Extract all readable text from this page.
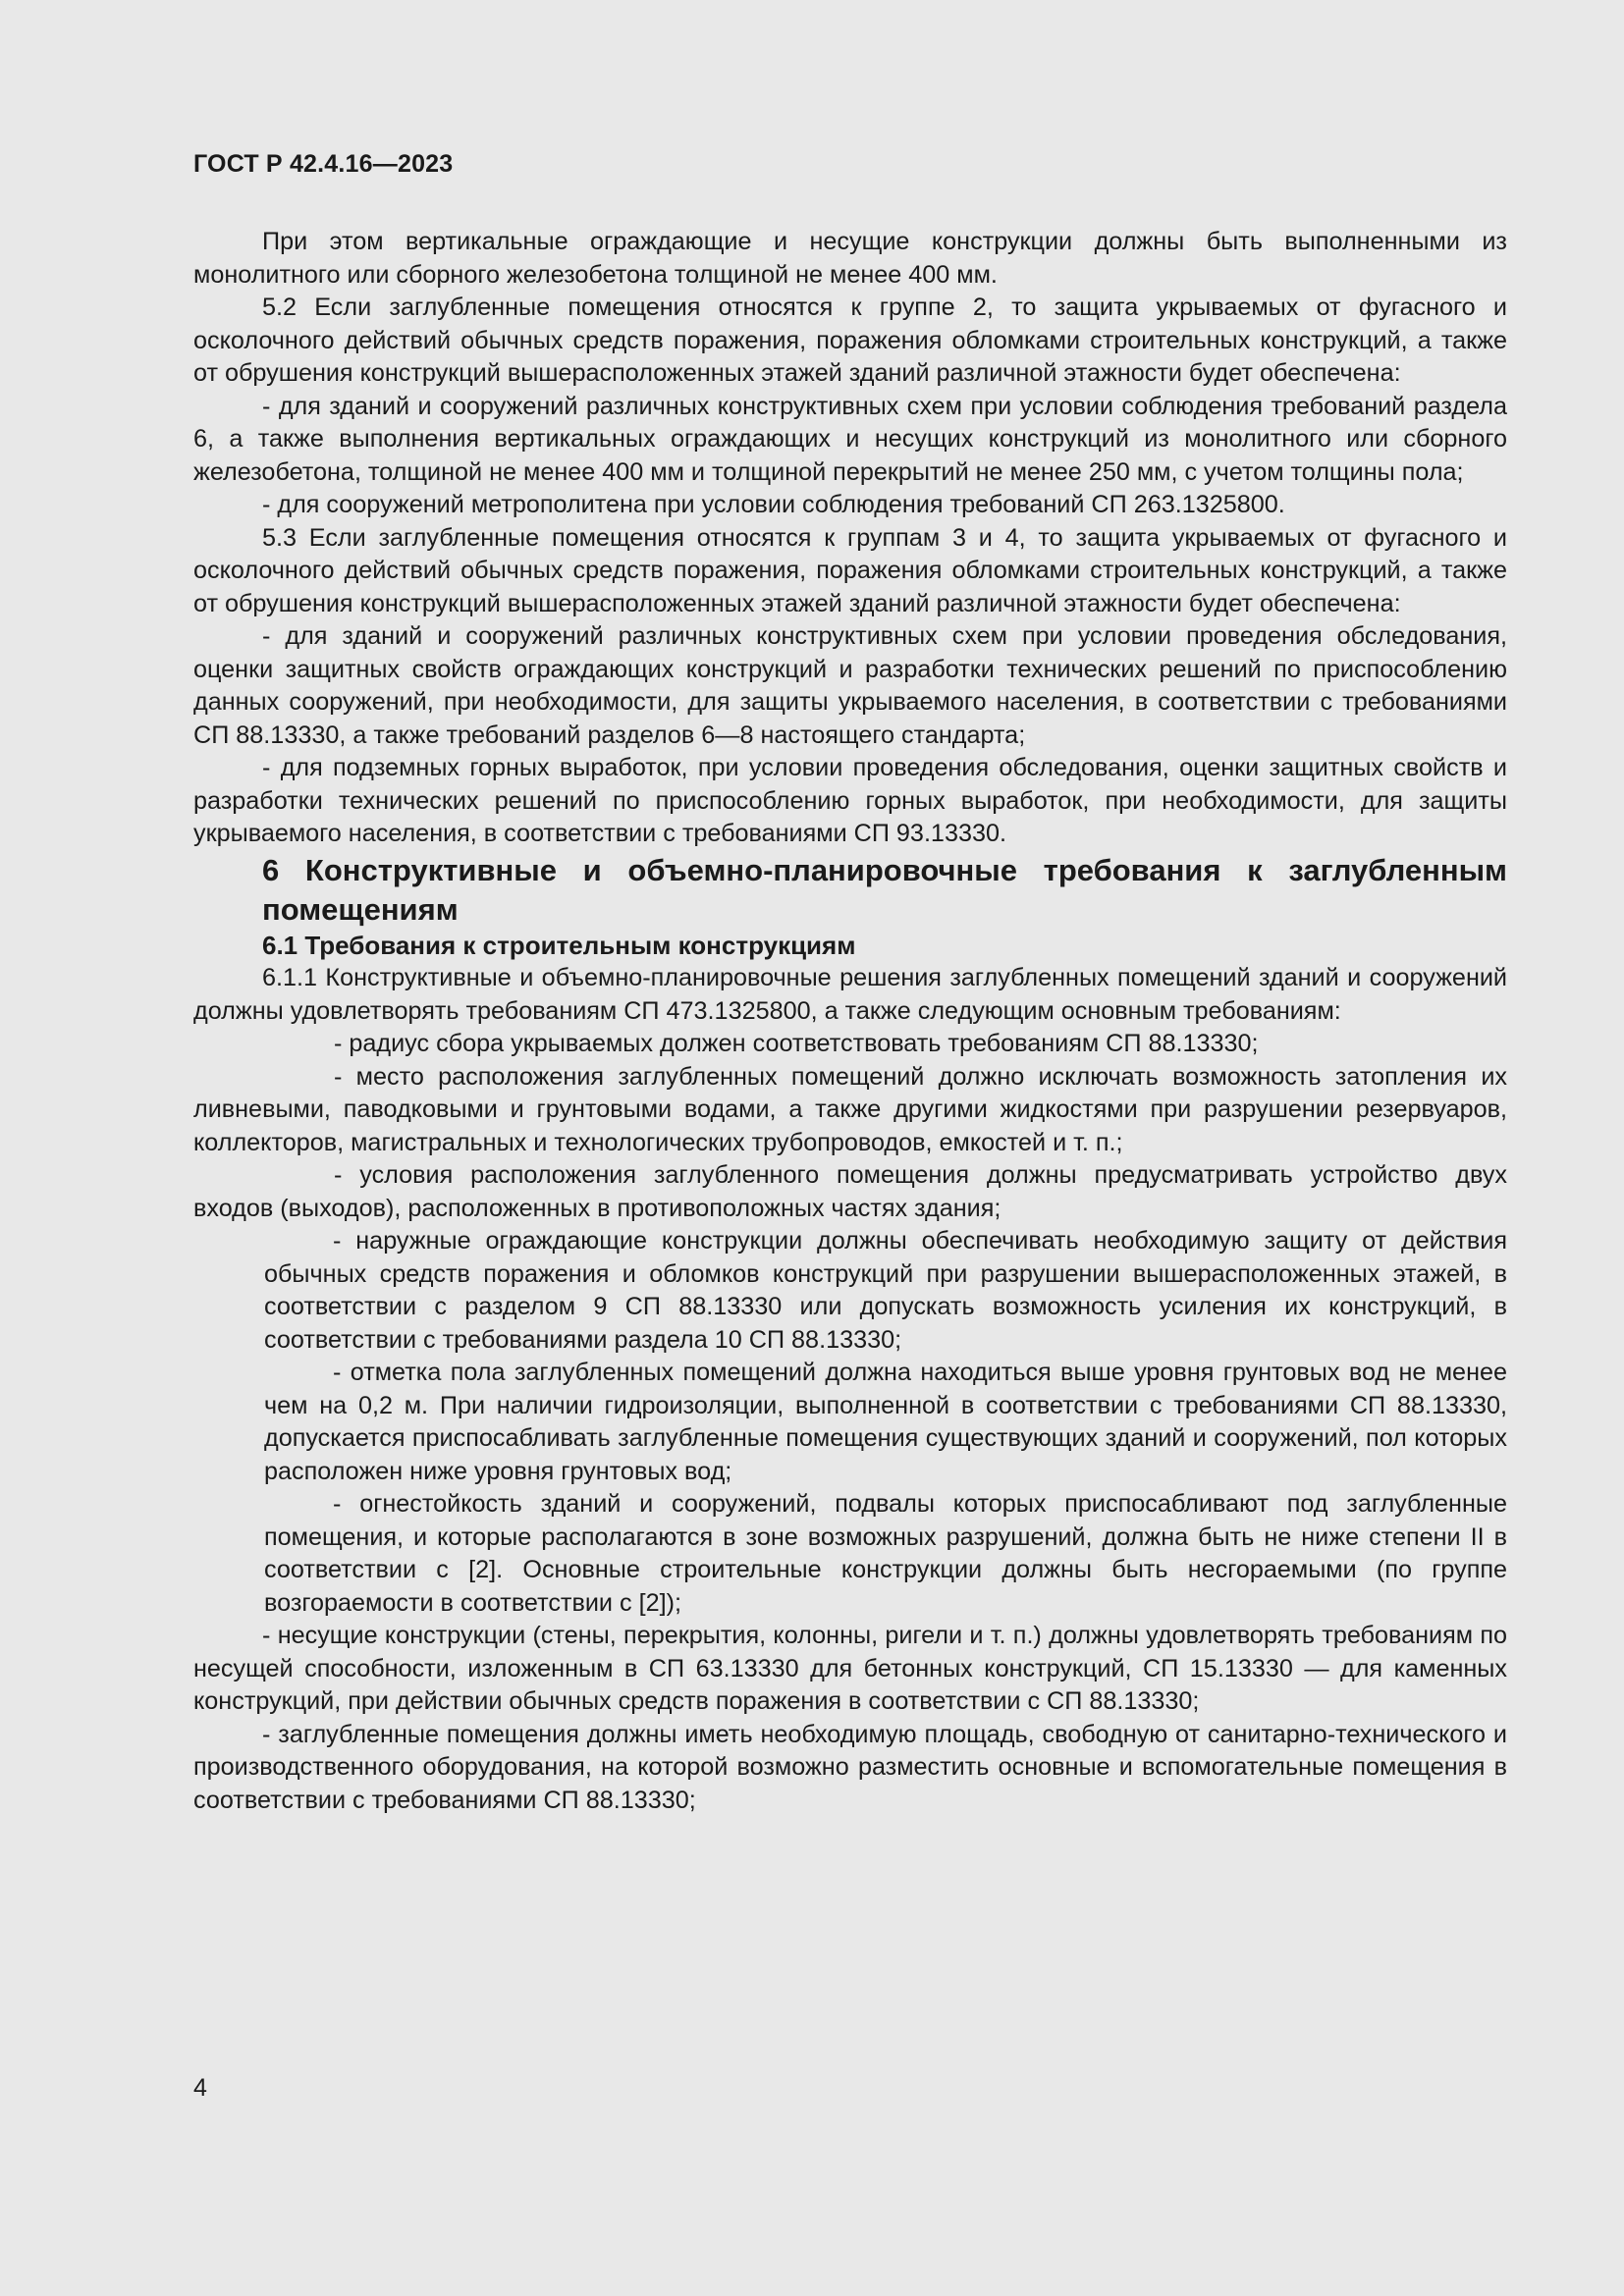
ГОСТ Р 42.4.16—2023

При этом вертикальные ограждающие и несущие конструкции должны быть выполненными из монолитного или сборного железобетона толщиной не менее 400 мм.

5.2 Если заглубленные помещения относятся к группе 2, то защита укрываемых от фугасного и осколочного действий обычных средств поражения, поражения обломками строительных конструкций, а также от обрушения конструкций вышерасположенных этажей зданий различной этажности будет обеспечена:

- для зданий и сооружений различных конструктивных схем при условии соблюдения требований раздела 6, а также выполнения вертикальных ограждающих и несущих конструкций из монолитного или сборного железобетона, толщиной не менее 400 мм и толщиной перекрытий не менее 250 мм, с учетом толщины пола;

- для сооружений метрополитена при условии соблюдения требований СП 263.1325800.

5.3 Если заглубленные помещения относятся к группам 3 и 4, то защита укрываемых от фугасного и осколочного действий обычных средств поражения, поражения обломками строительных конструкций, а также от обрушения конструкций вышерасположенных этажей зданий различной этажности будет обеспечена:

- для зданий и сооружений различных конструктивных схем при условии проведения обследования, оценки защитных свойств ограждающих конструкций и разработки технических решений по приспособлению данных сооружений, при необходимости, для защиты укрываемого населения, в соответствии с требованиями СП 88.13330, а также требований разделов 6—8 настоящего стандарта;

- для подземных горных выработок, при условии проведения обследования, оценки защитных свойств и разработки технических решений по приспособлению горных выработок, при необходимости, для защиты укрываемого населения, в соответствии с требованиями СП 93.13330.

6 Конструктивные и объемно-планировочные требования к заглубленным помещениям

6.1 Требования к строительным конструкциям

6.1.1 Конструктивные и объемно-планировочные решения заглубленных помещений зданий и сооружений должны удовлетворять требованиям СП 473.1325800, а также следующим основным требованиям:

- радиус сбора укрываемых должен соответствовать требованиям СП 88.13330;

- место расположения заглубленных помещений должно исключать возможность затопления их ливневыми, паводковыми и грунтовыми водами, а также другими жидкостями при разрушении резервуаров, коллекторов, магистральных и технологических трубопроводов, емкостей и т. п.;

- условия расположения заглубленного помещения должны предусматривать устройство двух входов (выходов), расположенных в противоположных частях здания;

- наружные ограждающие конструкции должны обеспечивать необходимую защиту от действия обычных средств поражения и обломков конструкций при разрушении вышерасположенных этажей, в соответствии с разделом 9 СП 88.13330 или допускать возможность усиления их конструкций, в соответствии с требованиями раздела 10 СП 88.13330;

- отметка пола заглубленных помещений должна находиться выше уровня грунтовых вод не менее чем на 0,2 м. При наличии гидроизоляции, выполненной в соответствии с требованиями СП 88.13330, допускается приспосабливать заглубленные помещения существующих зданий и сооружений, пол которых расположен ниже уровня грунтовых вод;

- огнестойкость зданий и сооружений, подвалы которых приспосабливают под заглубленные помещения, и которые располагаются в зоне возможных разрушений, должна быть не ниже степени II в соответствии с [2]. Основные строительные конструкции должны быть несгораемыми (по группе возгораемости в соответствии с [2]);

- несущие конструкции (стены, перекрытия, колонны, ригели и т. п.) должны удовлетворять требованиям по несущей способности, изложенным в СП 63.13330 для бетонных конструкций, СП 15.13330 — для каменных конструкций, при действии обычных средств поражения в соответствии с СП 88.13330;

- заглубленные помещения должны иметь необходимую площадь, свободную от санитарно-технического и производственного оборудования, на которой возможно разместить основные и вспомогательные помещения в соответствии с требованиями СП 88.13330;

4
